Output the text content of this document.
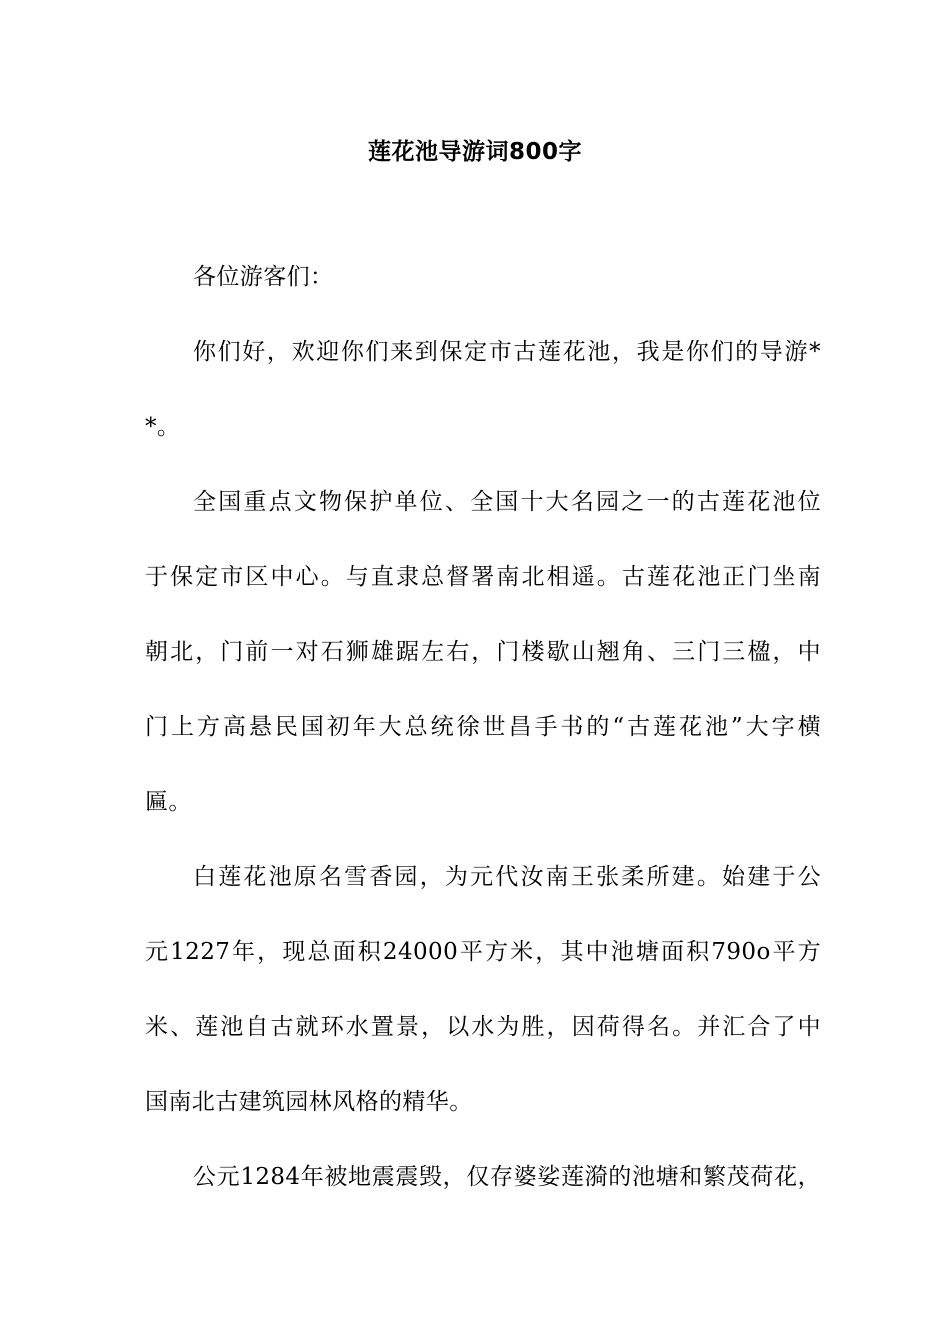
莲花池导游词800字
各位游客们：
你们好，欢迎你们来到保定市古莲花池，我是你们的导游*
*。
全国重点文物保护单位、全国十大名园之一的古莲花池位
于保定市区中心。与直隶总督署南北相遥。古莲花池正门坐南
朝北，门前一对石狮雄踞左右，门楼歇山翘角、三门三楹，中
门上方高悬民国初年大总统徐世昌手书的“古莲花池”大字横
匾。
白莲花池原名雪香园，为元代汝南王张柔所建。始建于公
元1227年，现总面积24000平方米，其中池塘面积790o平方
米、莲池自古就环水置景，以水为胜，因荷得名。并汇合了中
国南北古建筑园林风格的精华。
公元1284年被地震震毁，仅存婆娑莲漪的池塘和繁茂荷花，
